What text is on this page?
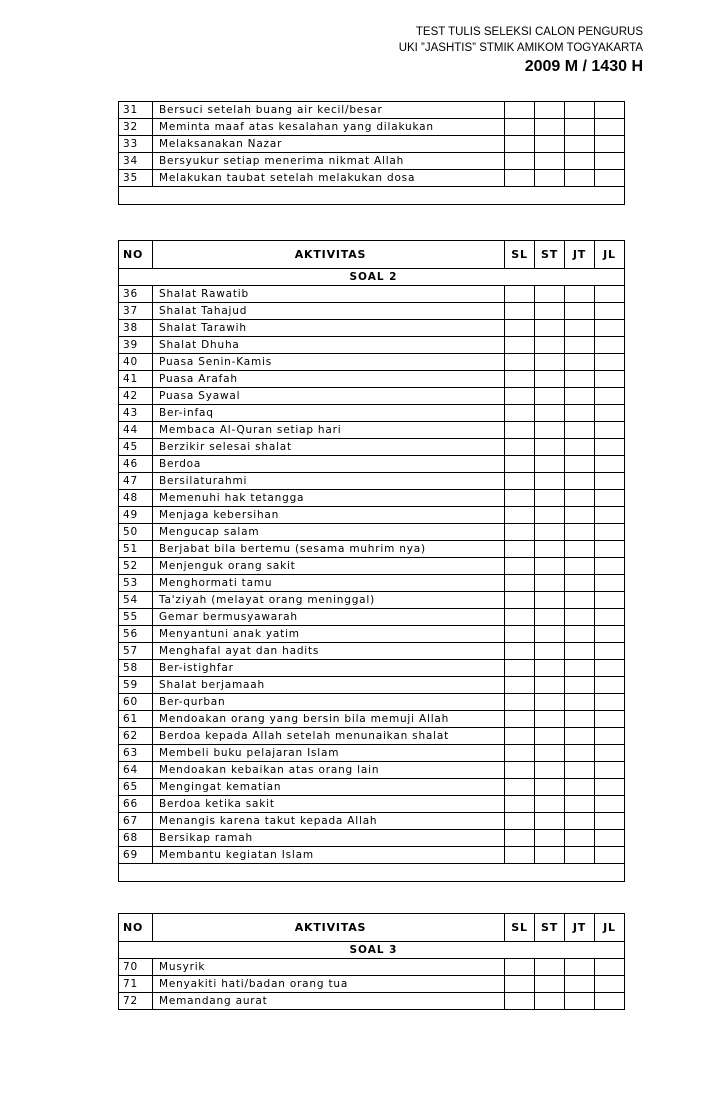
TEST TULIS SELEKSI CALON PENGURUS
UKI ”JASHTIS” STMIK AMIKOM TOGYAKARTA
2009 M / 1430 H
31	Bersuci setelah buang air kecil/besar				
32	Meminta maaf atas kesalahan yang dilakukan				
33	Melaksanakan Nazar				
34	Bersyukur setiap menerima nikmat Allah				
35	Melakukan taubat setelah melakukan dosa				

NO	AKTIVITAS	SL	ST	JT	JL
SOAL 2					
36	Shalat Rawatib				
37	Shalat Tahajud				
38	Shalat Tarawih				
39	Shalat Dhuha				
40	Puasa Senin-Kamis				
41	Puasa Arafah				
42	Puasa Syawal				
43	Ber-infaq				
44	Membaca Al-Quran setiap hari				
45	Berzikir selesai shalat				
46	Berdoa				
47	Bersilaturahmi				
48	Memenuhi hak tetangga				
49	Menjaga kebersihan				
50	Mengucap salam				
51	Berjabat bila bertemu (sesama muhrim nya)				
52	Menjenguk orang sakit				
53	Menghormati tamu				
54	Ta'ziyah (melayat orang meninggal)				
55	Gemar bermusyawarah				
56	Menyantuni anak yatim				
57	Menghafal ayat dan hadits				
58	Ber-istighfar				
59	Shalat berjamaah				
60	Ber-qurban				
61	Mendoakan orang yang bersin bila memuji Allah				
62	Berdoa kepada Allah setelah menunaikan shalat				
63	Membeli buku pelajaran Islam				
64	Mendoakan kebaikan atas orang lain				
65	Mengingat kematian				
66	Berdoa ketika sakit				
67	Menangis karena takut kepada Allah				
68	Bersikap ramah				
69	Membantu kegiatan Islam				

NO	AKTIVITAS	SL	ST	JT	JL
SOAL 3					
70	Musyrik				
71	Menyakiti hati/badan orang tua				
72	Memandang aurat				
